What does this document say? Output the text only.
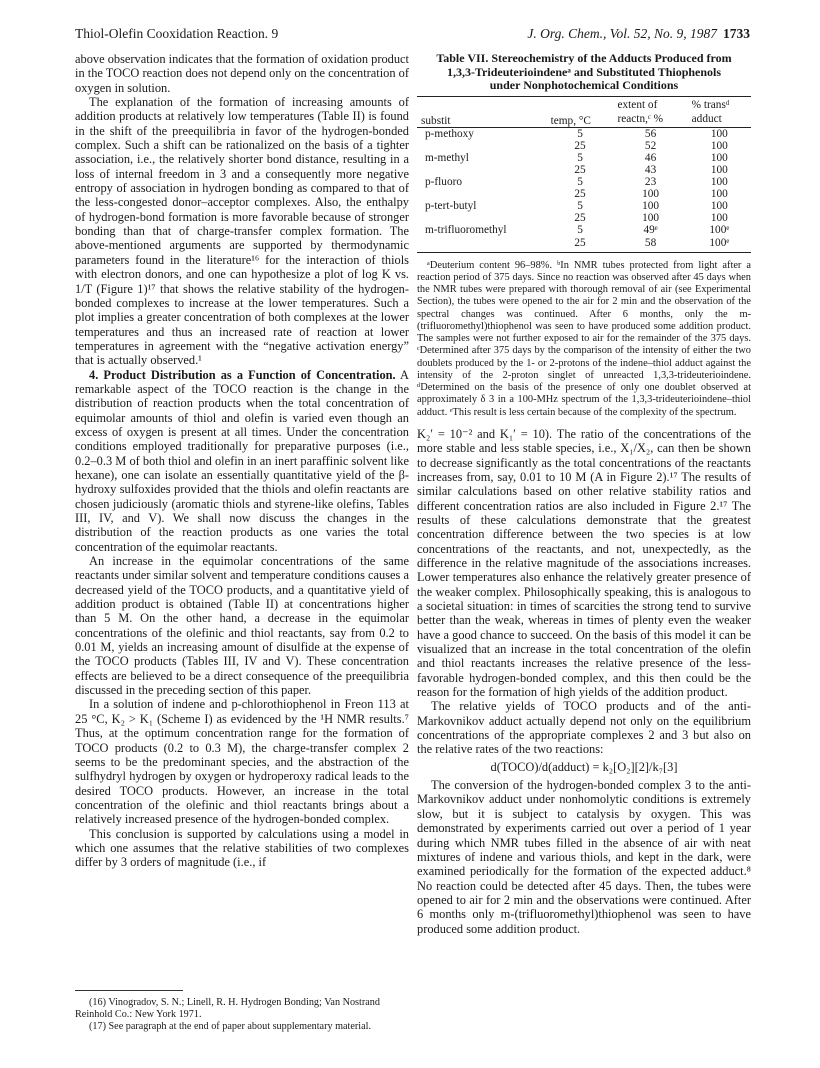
Thiol-Olefin Cooxidation Reaction. 9	J. Org. Chem., Vol. 52, No. 9, 1987 1733

above observation indicates that the formation of oxidation product in the TOCO reaction does not depend only on the concentration of oxygen in solution.

The explanation of the formation of increasing amounts of addition products at relatively low temperatures (Table II) is found in the shift of the preequilibria in favor of the hydrogen-bonded complex. Such a shift can be rationalized on the basis of a tighter association, i.e., the relatively shorter bond distance, resulting in a loss of internal freedom in 3 and a consequently more negative entropy of association in hydrogen bonding as compared to that of the less-congested donor–acceptor complexes. Also, the enthalpy of hydrogen-bond formation is more favorable because of stronger bonding than that of charge-transfer complex formation. The above-mentioned arguments are supported by thermodynamic parameters found in the literature¹⁶ for the interaction of thiols with electron donors, and one can hypothesize a plot of log K vs. 1/T (Figure 1)¹⁷ that shows the relative stability of the hydrogen-bonded complexes to increase at the lower temperatures. Such a plot implies a greater concentration of both complexes at the lower temperatures and thus an increased rate of reaction at lower temperatures in agreement with the “negative activation energy” that is actually observed.¹

4. Product Distribution as a Function of Concentration. A remarkable aspect of the TOCO reaction is the change in the distribution of reaction products when the total concentration of equimolar amounts of thiol and olefin is varied even though an excess of oxygen is present at all times. Under the concentration conditions employed traditionally for preparative purposes (i.e., 0.2–0.3 M of both thiol and olefin in an inert paraffinic solvent like hexane), one can isolate an essentially quantitative yield of the β-hydroxy sulfoxides provided that the thiols and olefin reactants are chosen judiciously (aromatic thiols and styrene-like olefins, Tables III, IV, and V). We shall now discuss the changes in the distribution of the reaction products as one varies the total concentration of the equimolar reactants.

An increase in the equimolar concentrations of the same reactants under similar solvent and temperature conditions causes a decreased yield of the TOCO products, and a quantitative yield of addition product is obtained (Table II) at concentrations higher than 5 M. On the other hand, a decrease in the equimolar concentrations of the olefinic and thiol reactants, say from 0.2 to 0.01 M, yields an increasing amount of disulfide at the expense of the TOCO products (Tables III, IV and V). These concentration effects are believed to be a direct consequence of the preequilibria discussed in the preceding section of this paper.

In a solution of indene and p-chlorothiophenol in Freon 113 at 25 °C, K₂ > K₁ (Scheme I) as evidenced by the ¹H NMR results.⁷ Thus, at the optimum concentration range for the formation of TOCO products (0.2 to 0.3 M), the charge-transfer complex 2 seems to be the predominant species, and the abstraction of the sulfhydryl hydrogen by oxygen or hydroperoxy radical leads to the desired TOCO products. However, an increase in the total concentration of the olefinic and thiol reactants brings about a relatively increased presence of the hydrogen-bonded complex.

This conclusion is supported by calculations using a model in which one assumes that the relative stabilities of two complexes differ by 3 orders of magnitude (i.e., if

(16) Vinogradov, S. N.; Linell, R. H. Hydrogen Bonding; Van Nostrand Reinhold Co.: New York 1971.

(17) See paragraph at the end of paper about supplementary material.

Table VII. Stereochemistry of the Adducts Produced from
1,3,3-Trideuterioindeneᵃ and Substituted Thiophenols
under Nonphotochemical Conditions
substit	temp, °C	extent of	% transᵈ
		reactn,ᶜ %	adduct
p-methoxy	5	56	100
	25	52	100
m-methyl	5	46	100
	25	43	100
p-fluoro	5	23	100
	25	100	100
p-tert-butyl	5	100	100
	25	100	100
m-trifluoromethyl	5	49ᵉ	100ᵉ
	25	58	100ᵉ

ᵃDeuterium content 96–98%. ᵇIn NMR tubes protected from light after a reaction period of 375 days. Since no reaction was observed after 45 days when the NMR tubes were prepared with thorough removal of air (see Experimental Section), the tubes were opened to the air for 2 min and the observation of the spectral changes was continued. After 6 months, only the m-(trifluoromethyl)thiophenol was seen to have produced some addition product. The samples were not further exposed to air for the remainder of the 375 days. ᶜDetermined after 375 days by the comparison of the intensity of either the two doublets produced by the 1- or 2-protons of the indene–thiol adduct against the intensity of the 2-proton singlet of unreacted 1,3,3-trideuterioindene. ᵈDetermined on the basis of the presence of only one doublet observed at approximately δ 3 in a 100-MHz spectrum of the 1,3,3-trideuterioindene–thiol adduct. ᵉThis result is less certain because of the complexity of the spectrum.

K₂′ = 10⁻² and K₁′ = 10). The ratio of the concentrations of the more stable and less stable species, i.e., X₁/X₂, can then be shown to decrease significantly as the total concentrations of the reactants increases from, say, 0.01 to 10 M (A in Figure 2).¹⁷ The results of similar calculations based on other relative stability ratios and different concentration ratios are also included in Figure 2.¹⁷ The results of these calculations demonstrate that the greatest concentration difference between the two species is at low concentrations of the reactants, and not, unexpectedly, as the difference in the relative magnitude of the associations increases. Lower temperatures also enhance the relatively greater presence of the weaker complex. Philosophically speaking, this is analogous to a societal situation: in times of scarcities the strong tend to survive better than the weak, whereas in times of plenty even the weaker have a good chance to succeed. On the basis of this model it can be visualized that an increase in the total concentration of the olefin and thiol reactants increases the relative presence of the less-favorable hydrogen-bonded complex, and this then could be the reason for the formation of high yields of the addition product.

The relative yields of TOCO products and of the anti-Markovnikov adduct actually depend not only on the equilibrium concentrations of the appropriate complexes 2 and 3 but also on the relative rates of the two reactions:

d(TOCO)/d(adduct) = k₂[O₂][2]/k₇[3]

The conversion of the hydrogen-bonded complex 3 to the anti-Markovnikov adduct under nonhomolytic conditions is extremely slow, but it is subject to catalysis by oxygen. This was demonstrated by experiments carried out over a period of 1 year during which NMR tubes filled in the absence of air with neat mixtures of indene and various thiols, and kept in the dark, were examined periodically for the formation of the expected adduct.⁸ No reaction could be detected after 45 days. Then, the tubes were opened to air for 2 min and the observations were continued. After 6 months only m-(trifluoromethyl)thiophenol was seen to have produced some addition product.
